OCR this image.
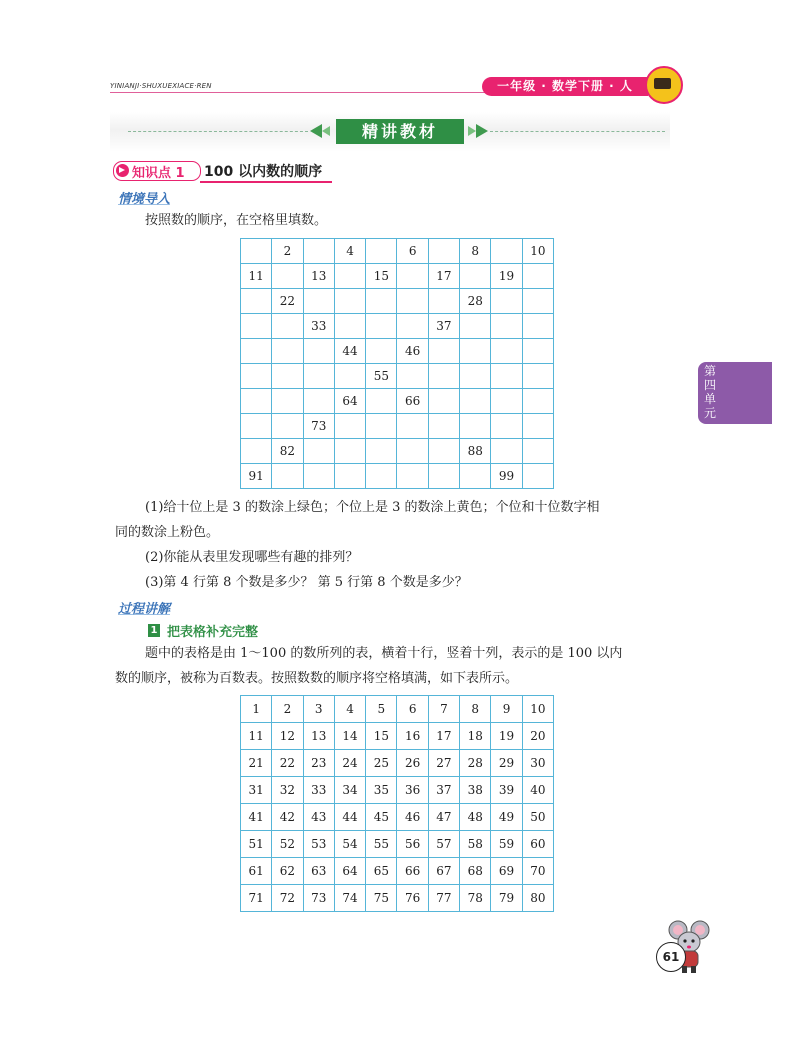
YINIANJI·SHUXUEXIACE·REN	一年级 · 数学下册 · 人
精讲教材
知识点 1 100 以内数的顺序
情境导入
按照数的顺序，在空格里填数。
	2		4		6		8		10
11		13		15		17		19	
	22						28		
		33				37			
			44		46				
				55					
			64		66				
		73							
	82						88		
91								99	
(1)给十位上是 3 的数涂上绿色；个位上是 3 的数涂上黄色；个位和十位数字相
同的数涂上粉色。
(2)你能从表里发现哪些有趣的排列？
(3)第 4 行第 8 个数是多少？ 第 5 行第 8 个数是多少？
过程讲解
1 把表格补充完整
题中的表格是由 1～100 的数所列的表，横着十行，竖着十列，表示的是 100 以内
数的顺序，被称为百数表。按照数数的顺序将空格填满，如下表所示。
1	2	3	4	5	6	7	8	9	10
11	12	13	14	15	16	17	18	19	20
21	22	23	24	25	26	27	28	29	30
31	32	33	34	35	36	37	38	39	40
41	42	43	44	45	46	47	48	49	50
51	52	53	54	55	56	57	58	59	60
61	62	63	64	65	66	67	68	69	70
71	72	73	74	75	76	77	78	79	80
第
四
单
元
61
